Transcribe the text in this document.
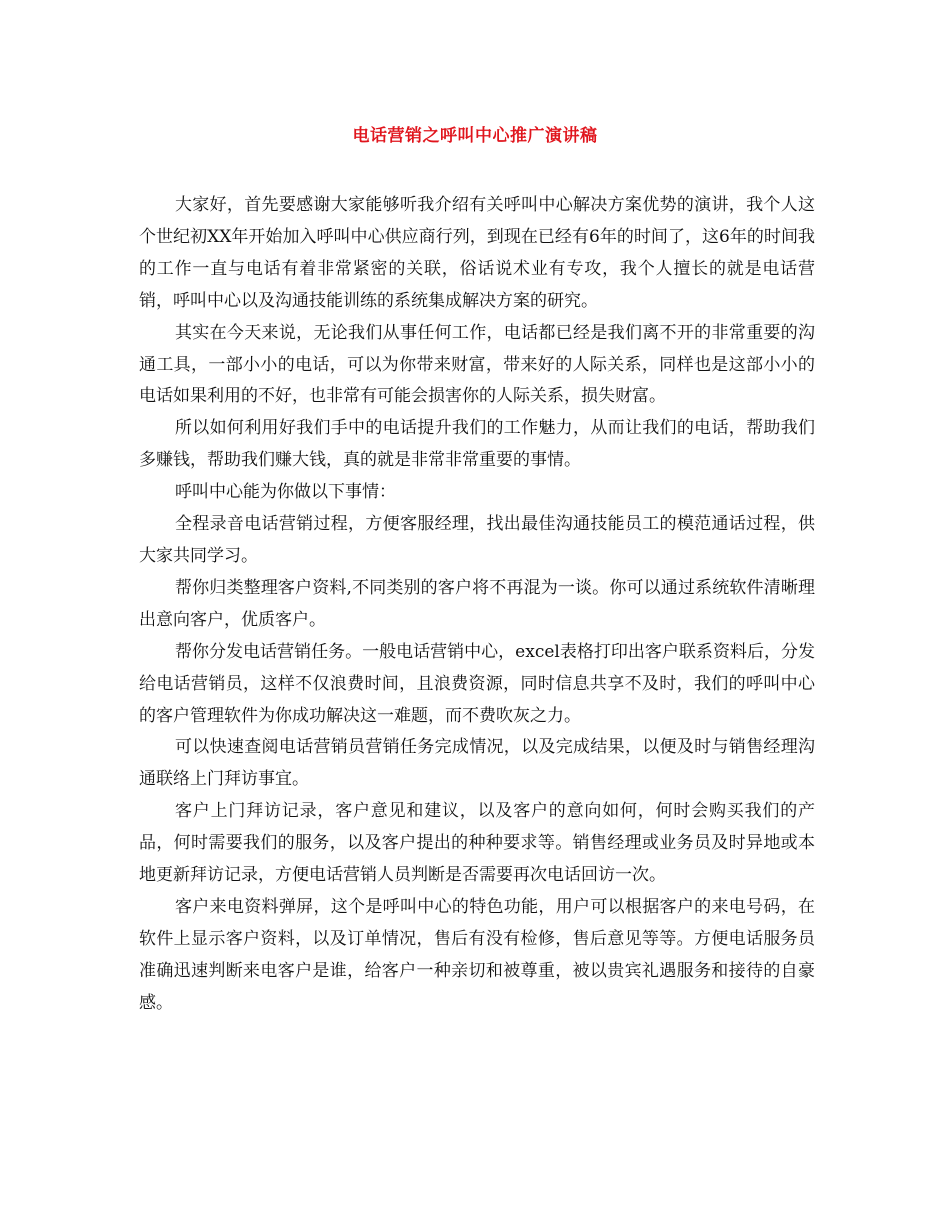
电话营销之呼叫中心推广演讲稿

大家好，首先要感谢大家能够听我介绍有关呼叫中心解决方案优势的演讲，我个人这个世纪初XX年开始加入呼叫中心供应商行列，到现在已经有6年的时间了，这6年的时间我的工作一直与电话有着非常紧密的关联，俗话说术业有专攻，我个人擅长的就是电话营销，呼叫中心以及沟通技能训练的系统集成解决方案的研究。

其实在今天来说，无论我们从事任何工作，电话都已经是我们离不开的非常重要的沟通工具，一部小小的电话，可以为你带来财富，带来好的人际关系，同样也是这部小小的电话如果利用的不好，也非常有可能会损害你的人际关系，损失财富。

所以如何利用好我们手中的电话提升我们的工作魅力，从而让我们的电话，帮助我们多赚钱，帮助我们赚大钱，真的就是非常非常重要的事情。

呼叫中心能为你做以下事情：

全程录音电话营销过程，方便客服经理，找出最佳沟通技能员工的模范通话过程，供大家共同学习。

帮你归类整理客户资料,不同类别的客户将不再混为一谈。你可以通过系统软件清晰理出意向客户，优质客户。

帮你分发电话营销任务。一般电话营销中心，excel表格打印出客户联系资料后，分发给电话营销员，这样不仅浪费时间，且浪费资源，同时信息共享不及时，我们的呼叫中心的客户管理软件为你成功解决这一难题，而不费吹灰之力。

可以快速查阅电话营销员营销任务完成情况，以及完成结果，以便及时与销售经理沟通联络上门拜访事宜。

客户上门拜访记录，客户意见和建议，以及客户的意向如何，何时会购买我们的产品，何时需要我们的服务，以及客户提出的种种要求等。销售经理或业务员及时异地或本地更新拜访记录，方便电话营销人员判断是否需要再次电话回访一次。

客户来电资料弹屏，这个是呼叫中心的特色功能，用户可以根据客户的来电号码，在软件上显示客户资料，以及订单情况，售后有没有检修，售后意见等等。方便电话服务员准确迅速判断来电客户是谁，给客户一种亲切和被尊重，被以贵宾礼遇服务和接待的自豪感。
